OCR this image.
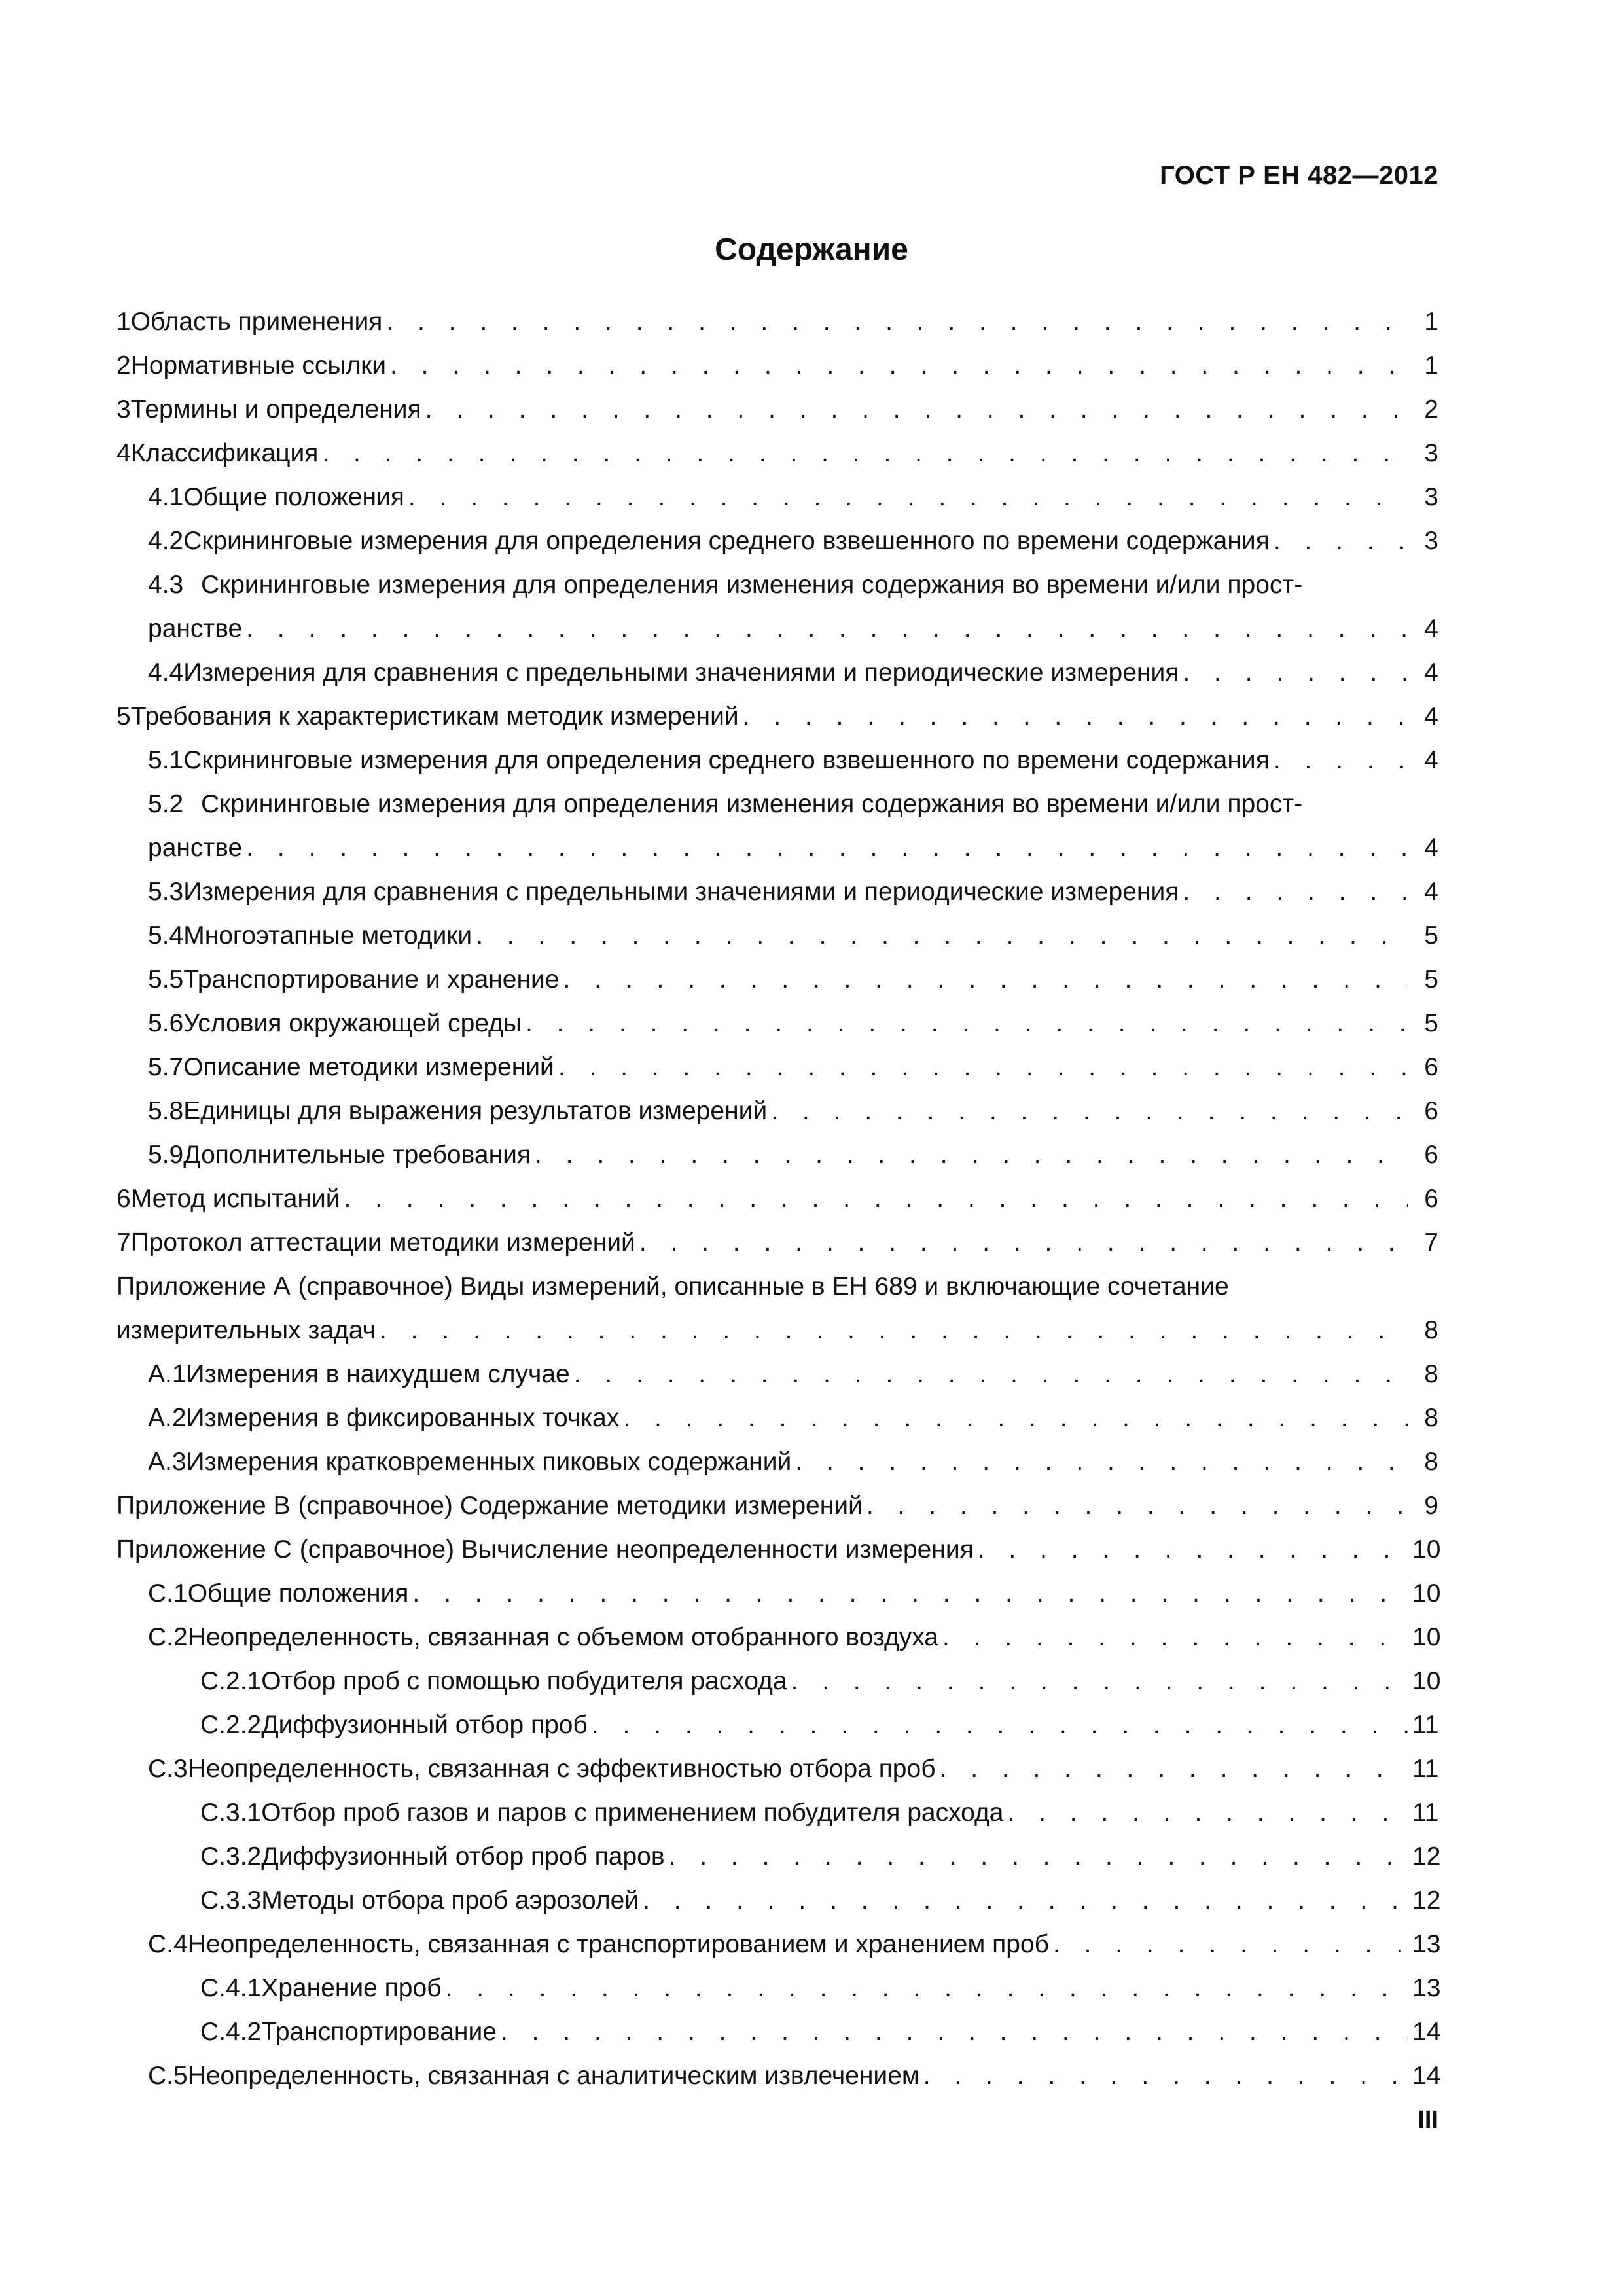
ГОСТ Р ЕН 482—2012
Содержание
1 Область применения . . .	1
2 Нормативные ссылки . . .	1
3 Термины и определения . . .	2
4 Классификация . . .	3
4.1 Общие положения . . .	3
4.2 Скрининговые измерения для определения среднего взвешенного по времени содержания . . .	3
4.3 Скрининговые измерения для определения изменения содержания во времени и/или прост-
ранстве . . .	4
4.4 Измерения для сравнения с предельными значениями и периодические измерения . . .	4
5 Требования к характеристикам методик измерений . . .	4
5.1 Скрининговые измерения для определения среднего взвешенного по времени содержания . . .	4
5.2 Скрининговые измерения для определения изменения содержания во времени и/или прост-
ранстве . . .	4
5.3 Измерения для сравнения с предельными значениями и периодические измерения . . .	4
5.4 Многоэтапные методики . . .	5
5.5 Транспортирование и хранение . . .	5
5.6 Условия окружающей среды . . .	5
5.7 Описание методики измерений . . .	6
5.8 Единицы для выражения результатов измерений . . .	6
5.9 Дополнительные требования . . .	6
6 Метод испытаний . . .	6
7 Протокол аттестации методики измерений . . .	7
Приложение А (справочное) Виды измерений, описанные в ЕН 689 и включающие сочетание
измерительных задач . . .	8
А.1 Измерения в наихудшем случае . . .	8
А.2 Измерения в фиксированных точках . . .	8
А.3 Измерения кратковременных пиковых содержаний . . .	8
Приложение В (справочное) Содержание методики измерений . . .	9
Приложение С (справочное) Вычисление неопределенности измерения . . .	10
С.1 Общие положения . . .	10
С.2 Неопределенность, связанная с объемом отобранного воздуха . . .	10
С.2.1 Отбор проб с помощью побудителя расхода . . .	10
С.2.2 Диффузионный отбор проб . . .	11
С.3 Неопределенность, связанная с эффективностью отбора проб . . .	11
С.3.1 Отбор проб газов и паров с применением побудителя расхода . . .	11
С.3.2 Диффузионный отбор проб паров . . .	12
С.3.3 Методы отбора проб аэрозолей . . .	12
С.4 Неопределенность, связанная с транспортированием и хранением проб . . .	13
С.4.1 Хранение проб . . .	13
С.4.2 Транспортирование . . .	14
С.5 Неопределенность, связанная с аналитическим извлечением . . .	14
III
